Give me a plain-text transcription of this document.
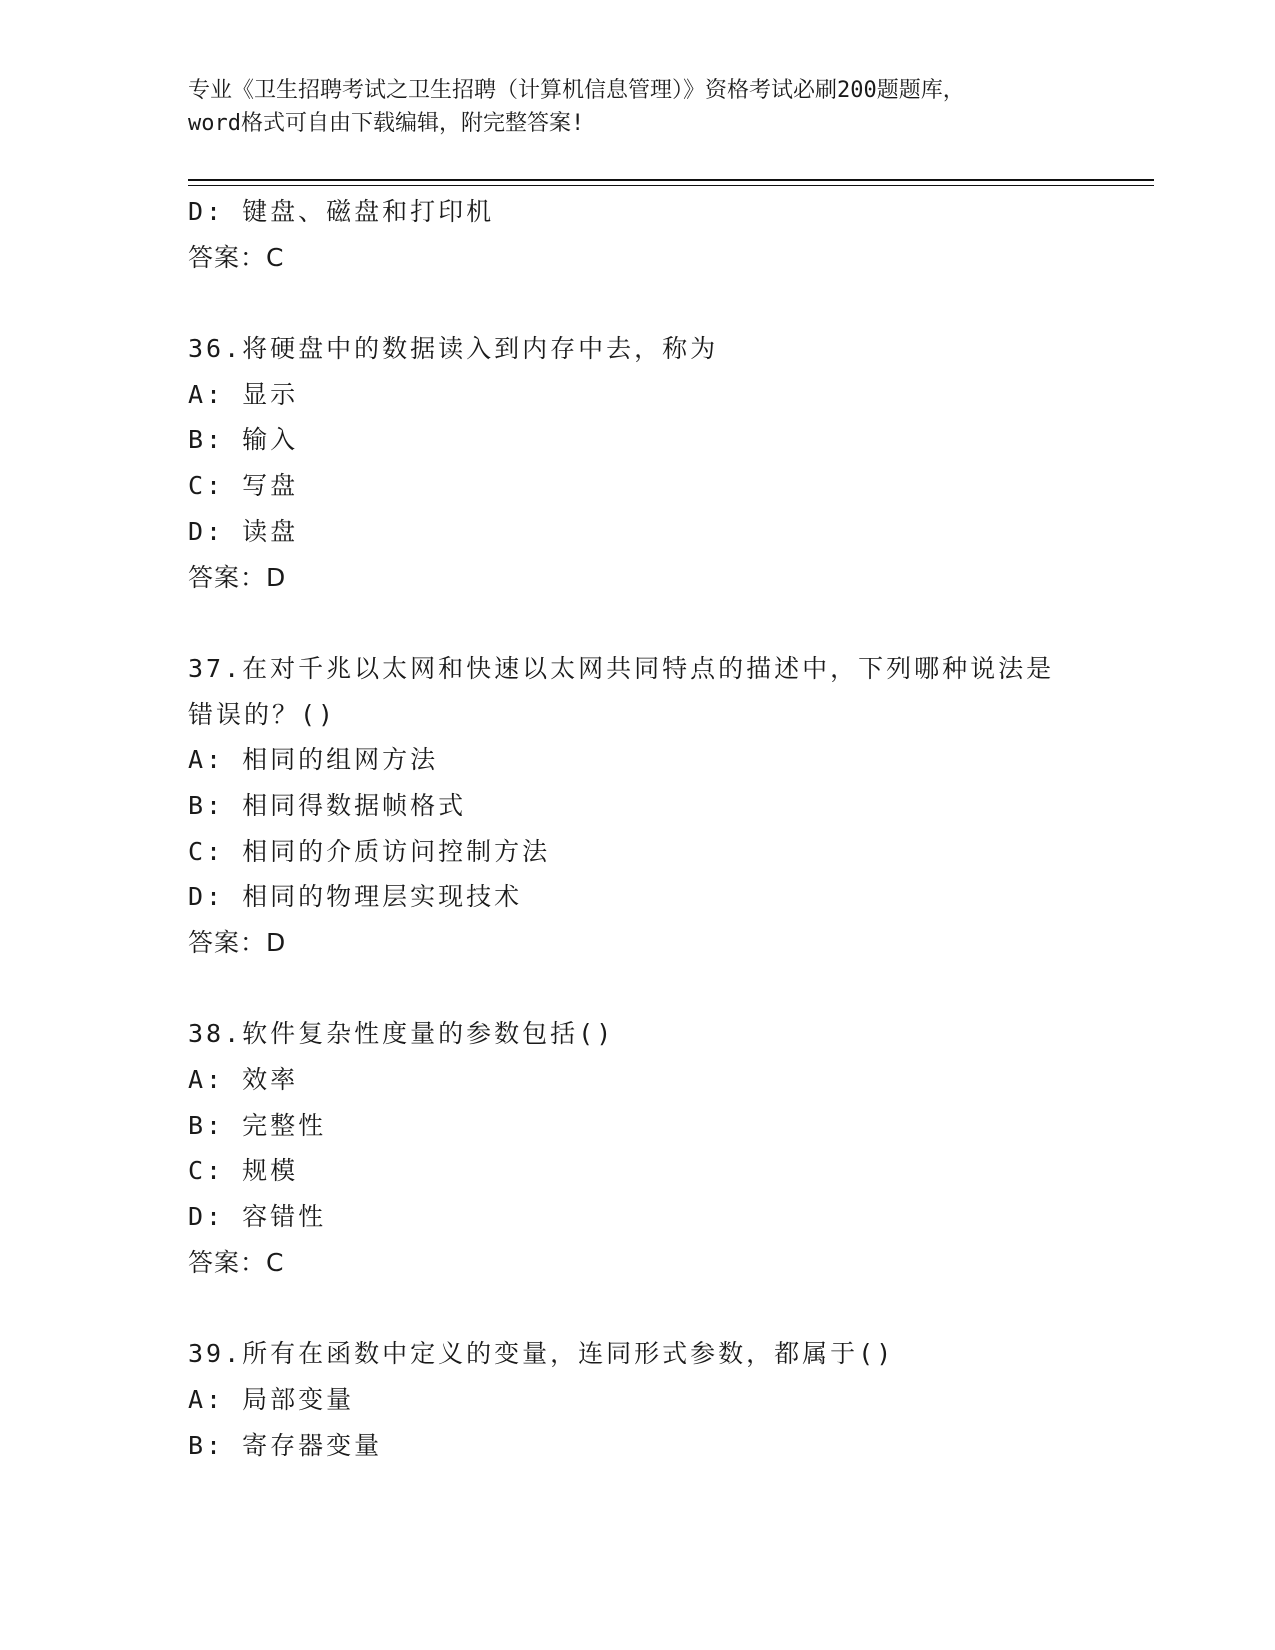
专业《卫生招聘考试之卫生招聘（计算机信息管理）》资格考试必刷200题题库，
word格式可自由下载编辑，附完整答案!
D: 键盘、磁盘和打印机
答案：C
36.将硬盘中的数据读入到内存中去，称为
A: 显示
B: 输入
C: 写盘
D: 读盘
答案：D
37.在对千兆以太网和快速以太网共同特点的描述中，下列哪种说法是
错误的？()
A: 相同的组网方法
B: 相同得数据帧格式
C: 相同的介质访问控制方法
D: 相同的物理层实现技术
答案：D
38.软件复杂性度量的参数包括()
A: 效率
B: 完整性
C: 规模
D: 容错性
答案：C
39.所有在函数中定义的变量，连同形式参数，都属于()
A: 局部变量
B: 寄存器变量
